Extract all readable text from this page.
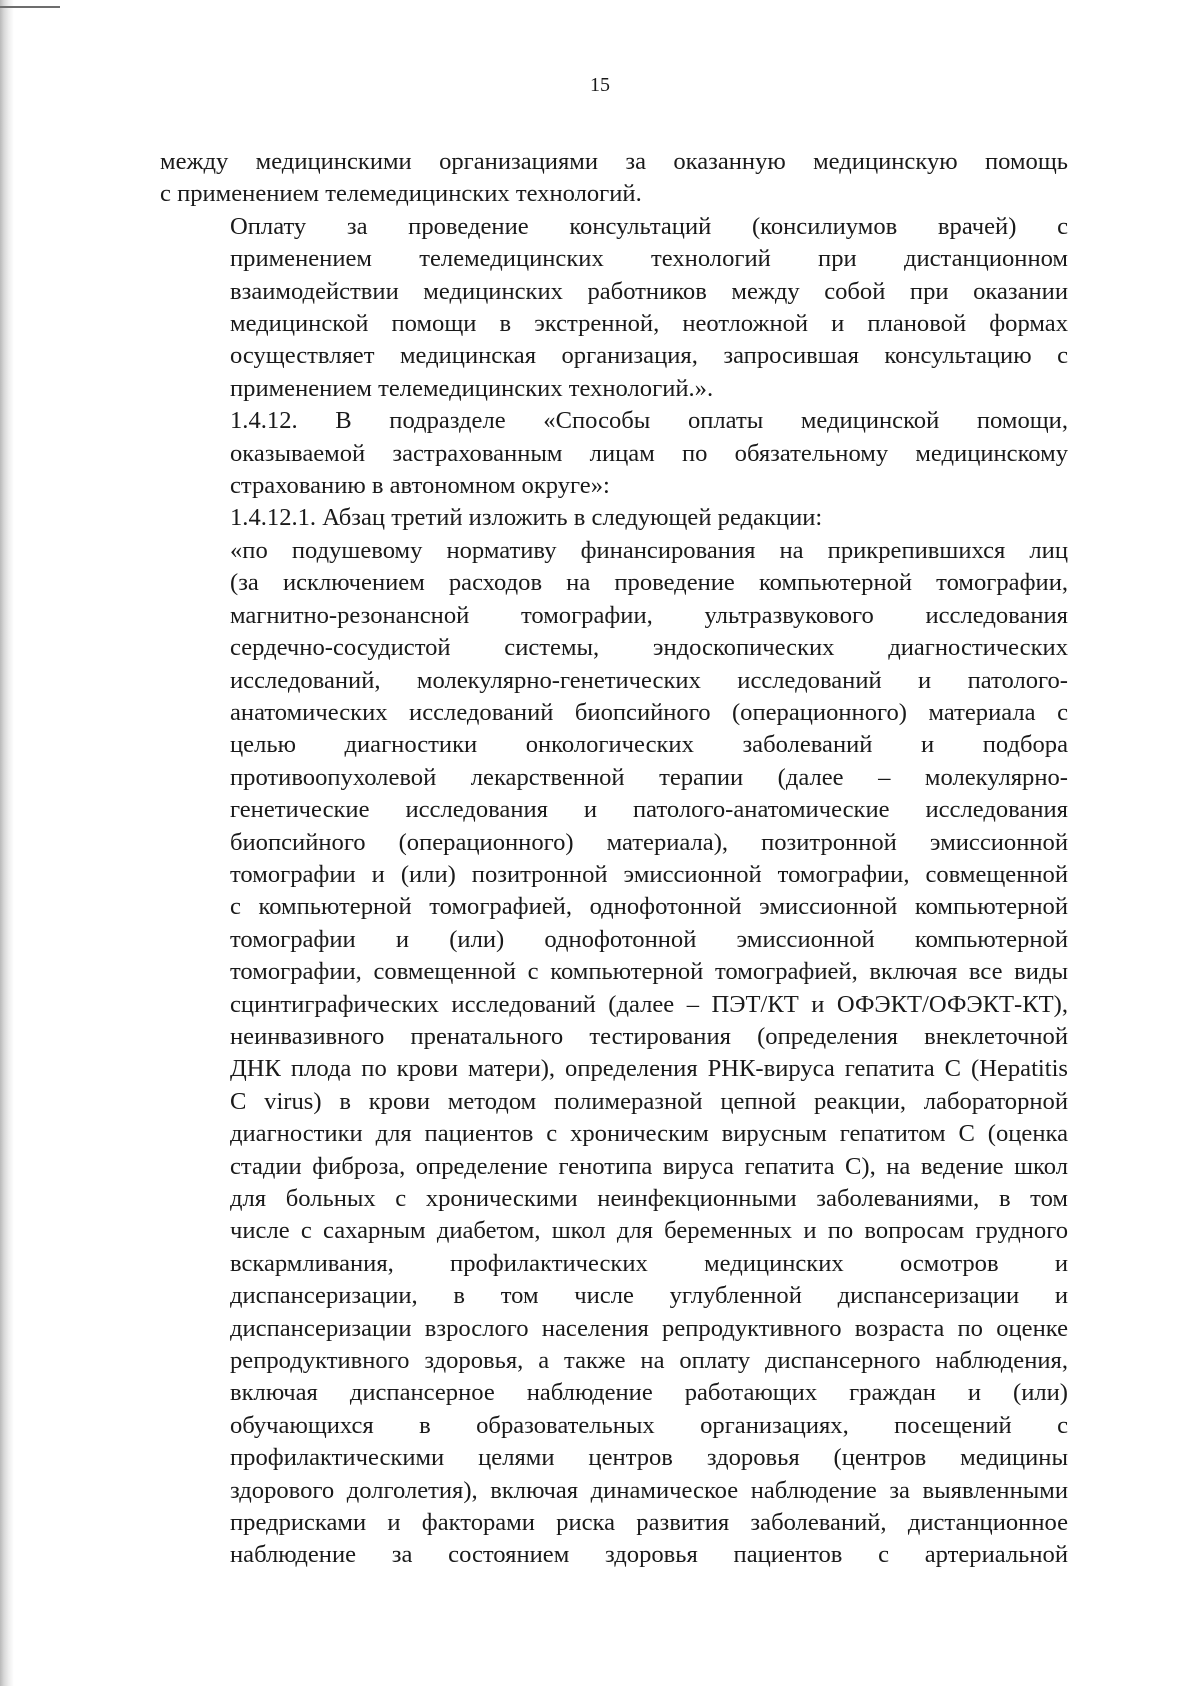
15

между медицинскими организациями за оказанную медицинскую помощь
с применением телемедицинских технологий.

Оплату за проведение консультаций (консилиумов врачей) с
применением телемедицинских технологий при дистанционном
взаимодействии медицинских работников между собой при оказании
медицинской помощи в экстренной, неотложной и плановой формах
осуществляет медицинская организация, запросившая консультацию с
применением телемедицинских технологий.».

1.4.12. В подразделе «Способы оплаты медицинской помощи,
оказываемой застрахованным лицам по обязательному медицинскому
страхованию в автономном округе»:

1.4.12.1. Абзац третий изложить в следующей редакции:

«по подушевому нормативу финансирования на прикрепившихся лиц
(за исключением расходов на проведение компьютерной томографии,
магнитно-резонансной томографии, ультразвукового исследования
сердечно-сосудистой системы, эндоскопических диагностических
исследований, молекулярно-генетических исследований и патолого-
анатомических исследований биопсийного (операционного) материала с
целью диагностики онкологических заболеваний и подбора
противоопухолевой лекарственной терапии (далее – молекулярно-
генетические исследования и патолого-анатомические исследования
биопсийного (операционного) материала), позитронной эмиссионной
томографии и (или) позитронной эмиссионной томографии, совмещенной
с компьютерной томографией, однофотонной эмиссионной компьютерной
томографии и (или) однофотонной эмиссионной компьютерной
томографии, совмещенной с компьютерной томографией, включая все виды
сцинтиграфических исследований (далее – ПЭТ/КТ и ОФЭКТ/ОФЭКТ-КТ),
неинвазивного пренатального тестирования (определения внеклеточной
ДНК плода по крови матери), определения РНК-вируса гепатита С (Hepatitis
C virus) в крови методом полимеразной цепной реакции, лабораторной
диагностики для пациентов с хроническим вирусным гепатитом С (оценка
стадии фиброза, определение генотипа вируса гепатита С), на ведение школ
для больных с хроническими неинфекционными заболеваниями, в том
числе с сахарным диабетом, школ для беременных и по вопросам грудного
вскармливания, профилактических медицинских осмотров и
диспансеризации, в том числе углубленной диспансеризации и
диспансеризации взрослого населения репродуктивного возраста по оценке
репродуктивного здоровья, а также на оплату диспансерного наблюдения,
включая диспансерное наблюдение работающих граждан и (или)
обучающихся в образовательных организациях, посещений с
профилактическими целями центров здоровья (центров медицины
здорового долголетия), включая динамическое наблюдение за выявленными
предрисками и факторами риска развития заболеваний, дистанционное
наблюдение за состоянием здоровья пациентов с артериальной
